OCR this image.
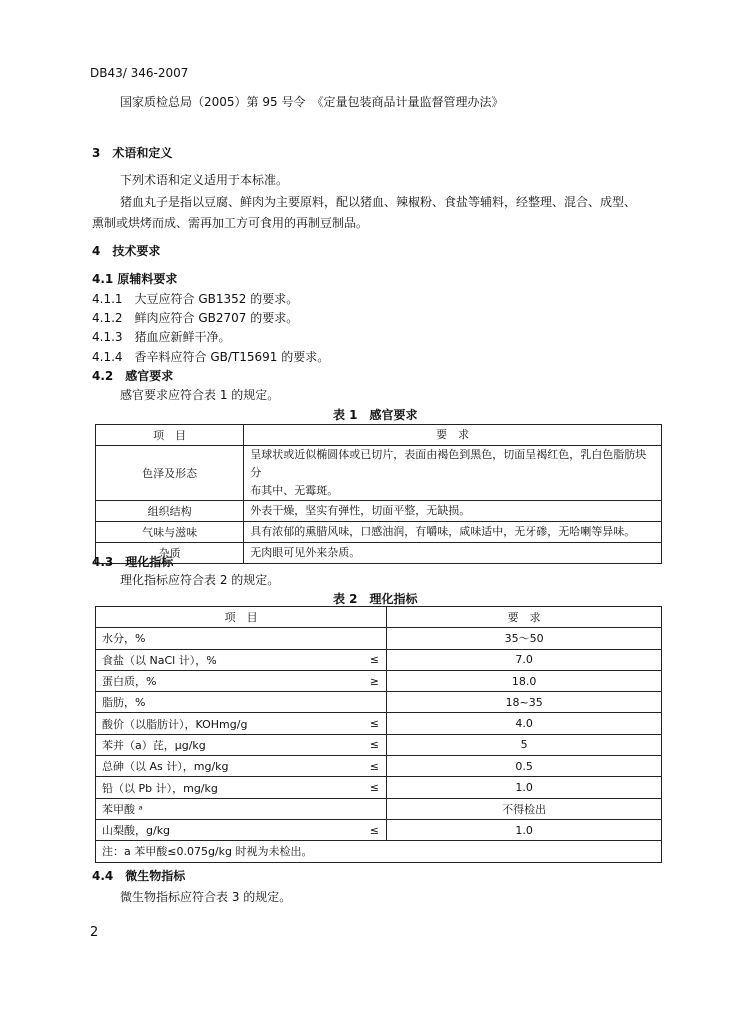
DB43/ 346-2007
国家质检总局（2005）第 95 号令　《定量包装商品计量监督管理办法》
3　术语和定义
下列术语和定义适用于本标准。
猪血丸子是指以豆腐、鲜肉为主要原料，配以猪血、辣椒粉、食盐等辅料，经整理、混合、成型、
熏制或烘烤而成、需再加工方可食用的再制豆制品。
4　技术要求
4.1 原辅料要求
4.1.1　大豆应符合 GB1352 的要求。
4.1.2　鲜肉应符合 GB2707 的要求。
4.1.3　猪血应新鲜干净。
4.1.4　香辛料应符合 GB/T15691 的要求。
4.2　感官要求
感官要求应符合表 1 的规定。
表 1　感官要求
项　目	要　求
色泽及形态	呈球状或近似椭圆体或已切片，表面由褐色到黑色，切面呈褐红色，乳白色脂肪块分
布其中、无霉斑。

组织结构	外表干燥，坚实有弹性，切面平整，无缺损。
气味与滋味	具有浓郁的熏腊风味，口感油润，有嚼味，咸味适中，无牙碜，无哈喇等异味。
杂质	无肉眼可见外来杂质。
4.3　理化指标
理化指标应符合表 2 的规定。
表 2　理化指标
项　目		要　求
水分，%		35～50
食盐（以 NaCl 计），%	≤	7.0
蛋白质，%	≥	18.0
脂肪，%		18~35
酸价（以脂肪计），KOHmg/g	≤	4.0
苯并（a）芘，μg/kg	≤	5
总砷（以 As 计），mg/kg	≤	0.5
铅（以 Pb 计），mg/kg	≤	1.0
苯甲酸 ᵃ		不得检出
山梨酸，g/kg	≤	1.0
注：a 苯甲酸≤0.075g/kg 时视为未检出。		
4.4　微生物指标
微生物指标应符合表 3 的规定。
2
